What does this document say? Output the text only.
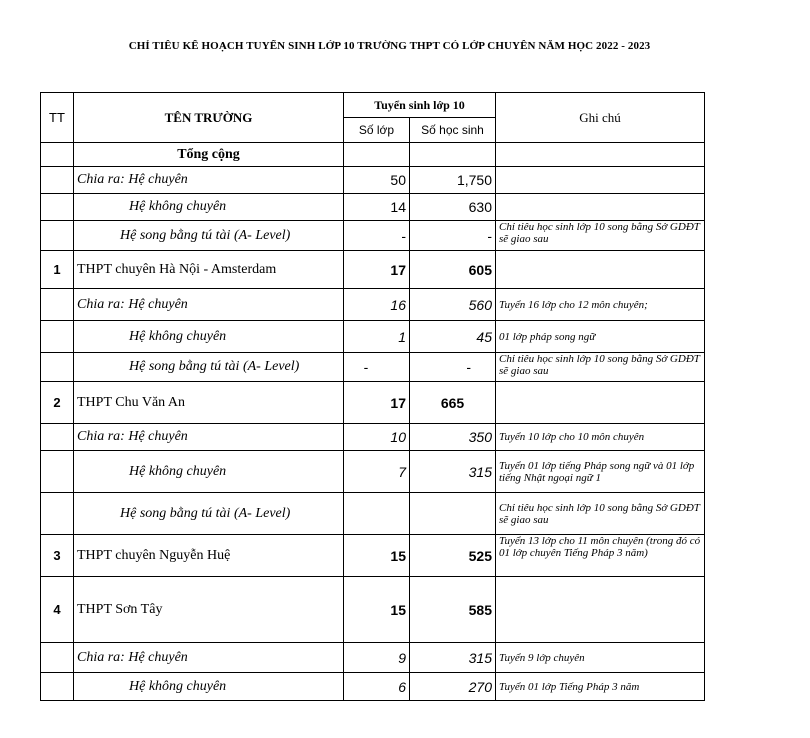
CHỈ TIÊU KẾ HOẠCH TUYỂN SINH LỚP 10 TRƯỜNG THPT CÓ LỚP CHUYÊN NĂM HỌC 2022 - 2023
TT	TÊN TRƯỜNG	Tuyển sinh lớp 10		Ghi chú
		Số lớp	Số học sinh	
	Tổng cộng			
	Chia ra: Hệ chuyên	50	1,750	
	Hệ không chuyên	14	630	
	Hệ song bằng tú tài (A- Level)	-	-	Chỉ tiêu học sinh lớp 10 song bằng Sở GDĐT sẽ giao sau
1	THPT chuyên Hà Nội - Amsterdam	17	605	
	Chia ra: Hệ chuyên	16	560	Tuyển 16 lớp cho 12 môn chuyên;
	Hệ không chuyên	1	45	01 lớp pháp song ngữ
	Hệ song bằng tú tài (A- Level)	-	-	Chỉ tiêu học sinh lớp 10 song bằng Sở GDĐT sẽ giao sau
2	THPT Chu Văn An	17	665	
	Chia ra: Hệ chuyên	10	350	Tuyển 10 lớp cho 10 môn chuyên
	Hệ không chuyên	7	315	Tuyển 01 lớp tiếng Pháp song ngữ và 01 lớp tiếng Nhật ngoại ngữ 1
	Hệ song bằng tú tài (A- Level)			Chỉ tiêu học sinh lớp 10 song bằng Sở GDĐT sẽ giao sau
3	THPT chuyên Nguyễn Huệ	15	525	Tuyển 13 lớp cho 11 môn chuyên (trong đó có 01 lớp chuyên Tiếng Pháp 3 năm)
4	THPT Sơn Tây	15	585	
	Chia ra: Hệ chuyên	9	315	Tuyển 9 lớp chuyên
	Hệ không chuyên	6	270	Tuyển 01 lớp Tiếng Pháp 3 năm
